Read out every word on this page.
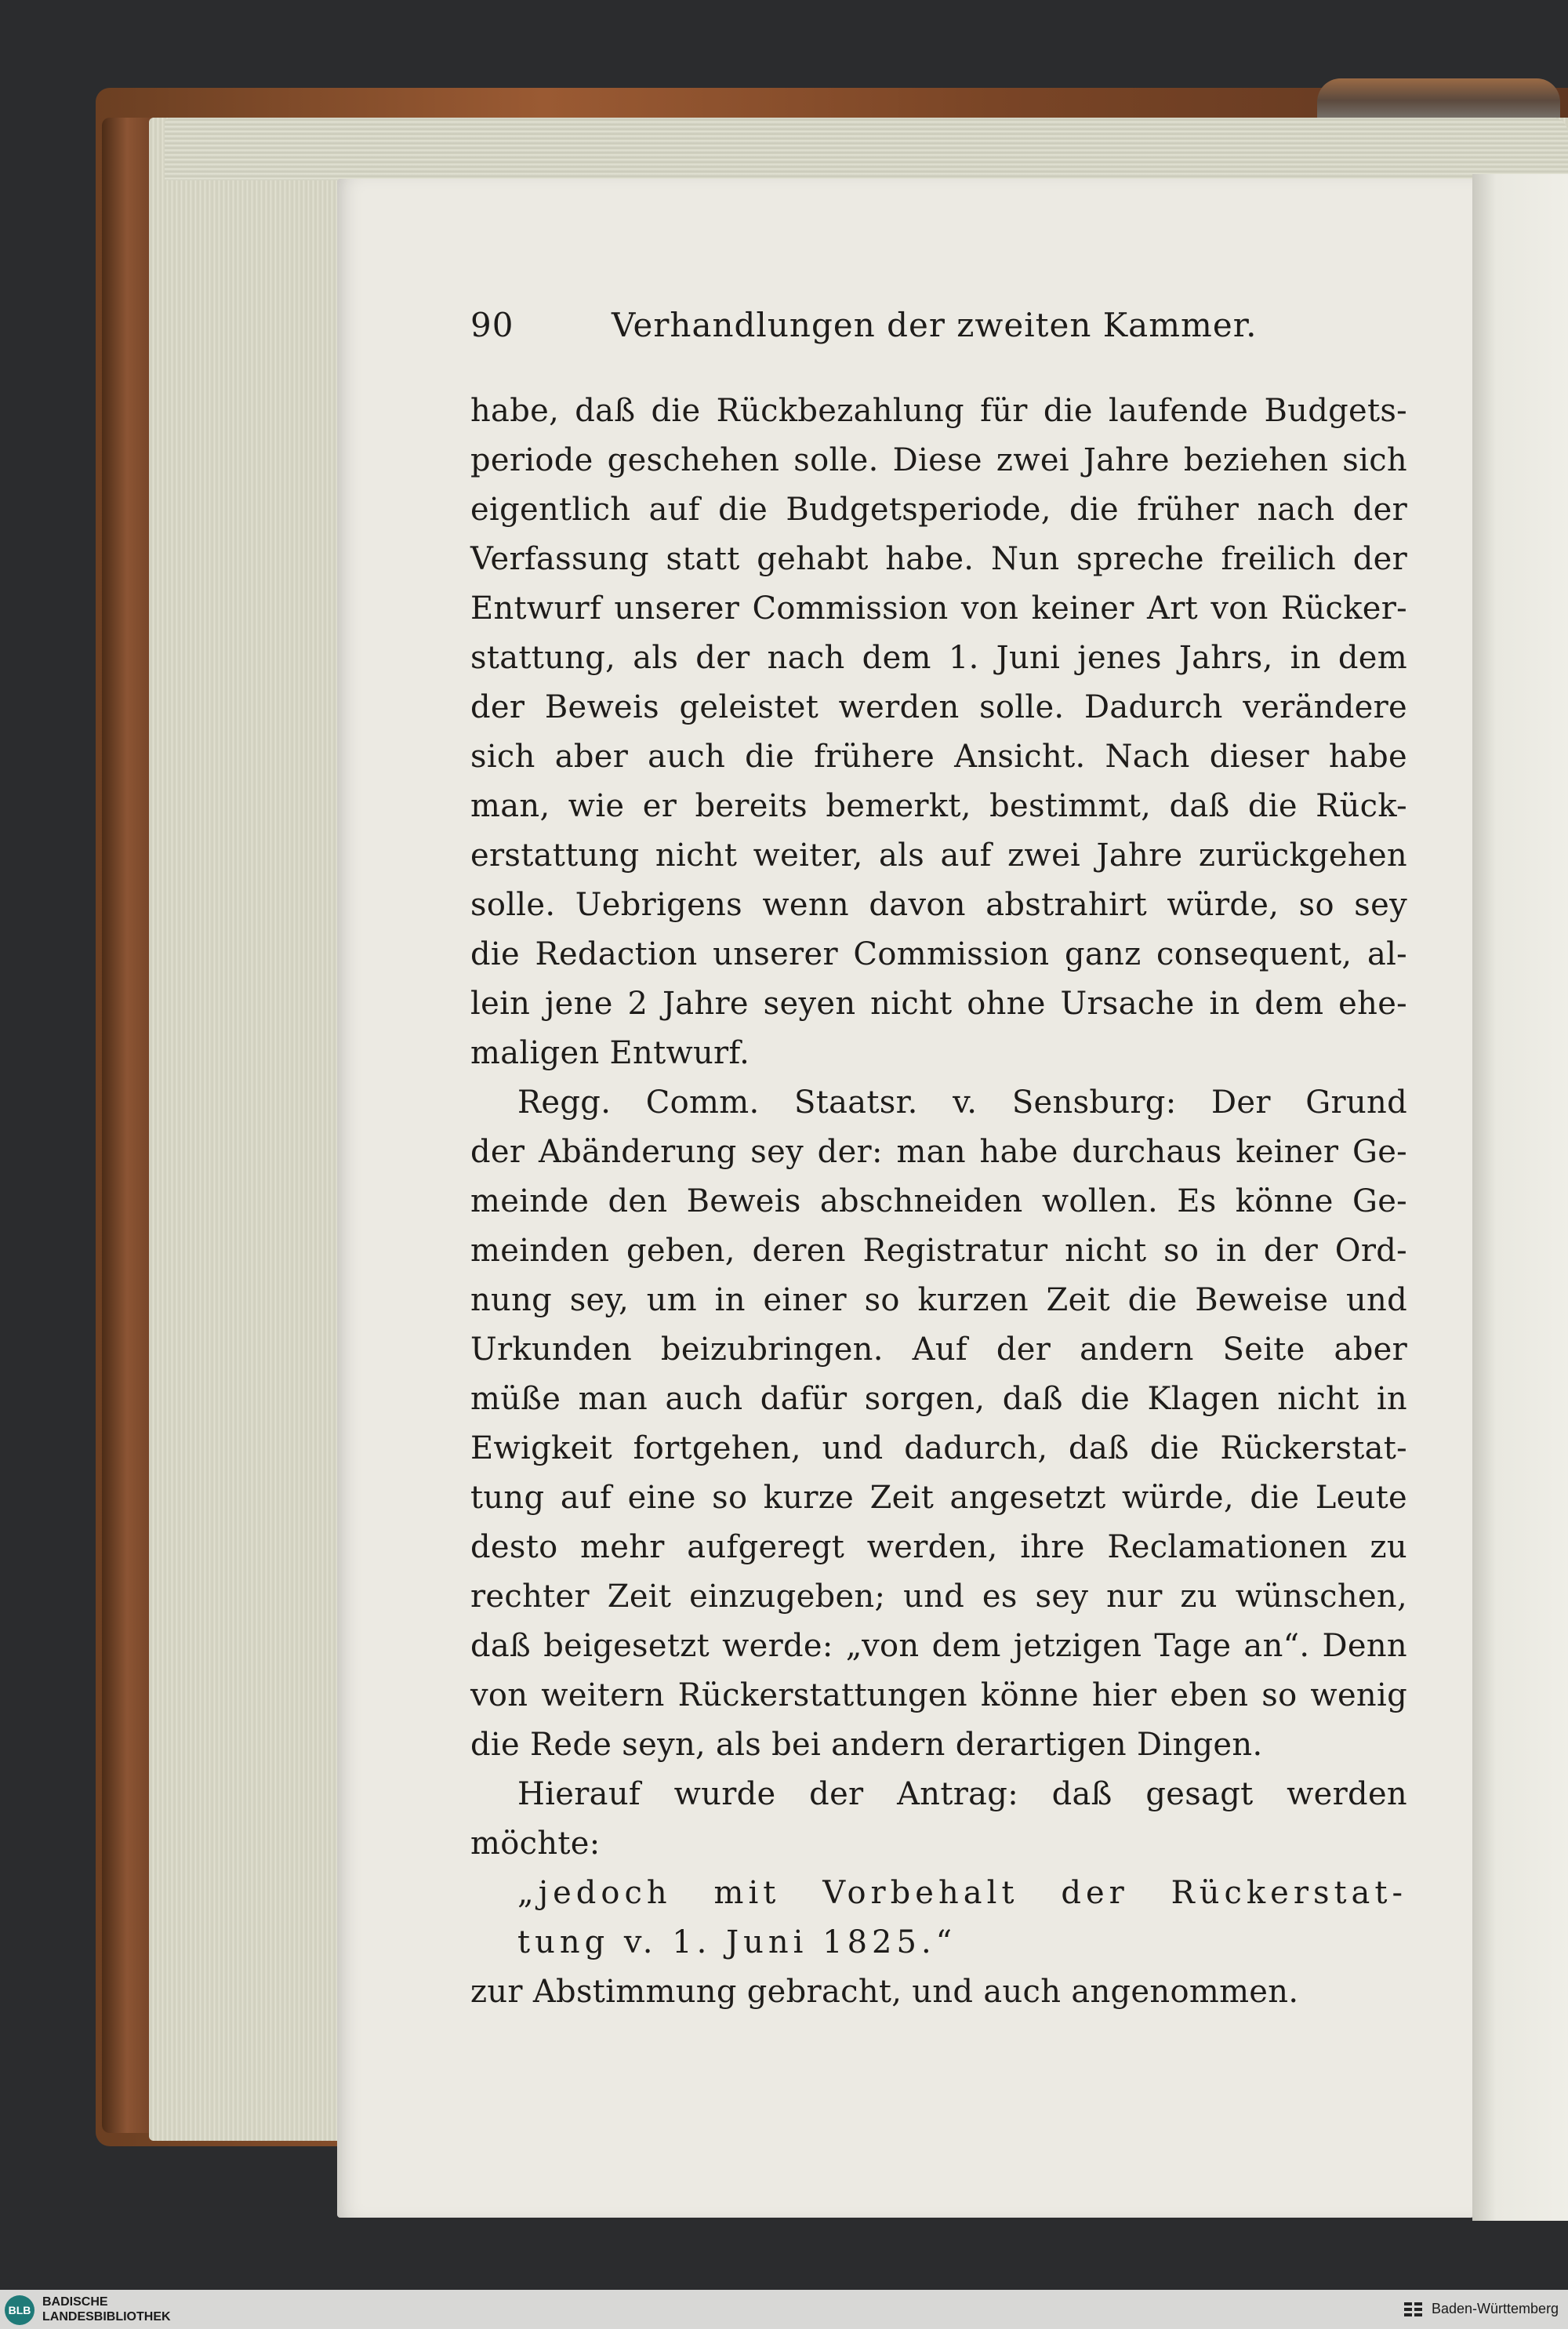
90	Verhandlungen der zweiten Kammer.
habe, daß die Rückbezahlung für die laufende Budgets-
periode geschehen solle. Diese zwei Jahre beziehen sich
eigentlich auf die Budgetsperiode, die früher nach der
Verfassung statt gehabt habe. Nun spreche freilich der
Entwurf unserer Commission von keiner Art von Rücker-
stattung, als der nach dem 1. Juni jenes Jahrs, in dem
der Beweis geleistet werden solle. Dadurch verändere
sich aber auch die frühere Ansicht. Nach dieser habe
man, wie er bereits bemerkt, bestimmt, daß die Rück-
erstattung nicht weiter, als auf zwei Jahre zurückgehen
solle. Uebrigens wenn davon abstrahirt würde, so sey
die Redaction unserer Commission ganz consequent, al-
lein jene 2 Jahre seyen nicht ohne Ursache in dem ehe-
maligen Entwurf.
Regg. Comm. Staatsr. v. Sensburg: Der Grund
der Abänderung sey der: man habe durchaus keiner Ge-
meinde den Beweis abschneiden wollen. Es könne Ge-
meinden geben, deren Registratur nicht so in der Ord-
nung sey, um in einer so kurzen Zeit die Beweise und
Urkunden beizubringen. Auf der andern Seite aber
müße man auch dafür sorgen, daß die Klagen nicht in
Ewigkeit fortgehen, und dadurch, daß die Rückerstat-
tung auf eine so kurze Zeit angesetzt würde, die Leute
desto mehr aufgeregt werden, ihre Reclamationen zu
rechter Zeit einzugeben; und es sey nur zu wünschen,
daß beigesetzt werde: „von dem jetzigen Tage an“. Denn
von weitern Rückerstattungen könne hier eben so wenig
die Rede seyn, als bei andern derartigen Dingen.
Hierauf wurde der Antrag: daß gesagt werden
möchte:
„jedoch mit Vorbehalt der Rückerstat-
tung v. 1. Juni 1825.“
zur Abstimmung gebracht, und auch angenommen.
BLB
BADISCHE
LANDESBIBLIOTHEK
Baden-Württemberg
